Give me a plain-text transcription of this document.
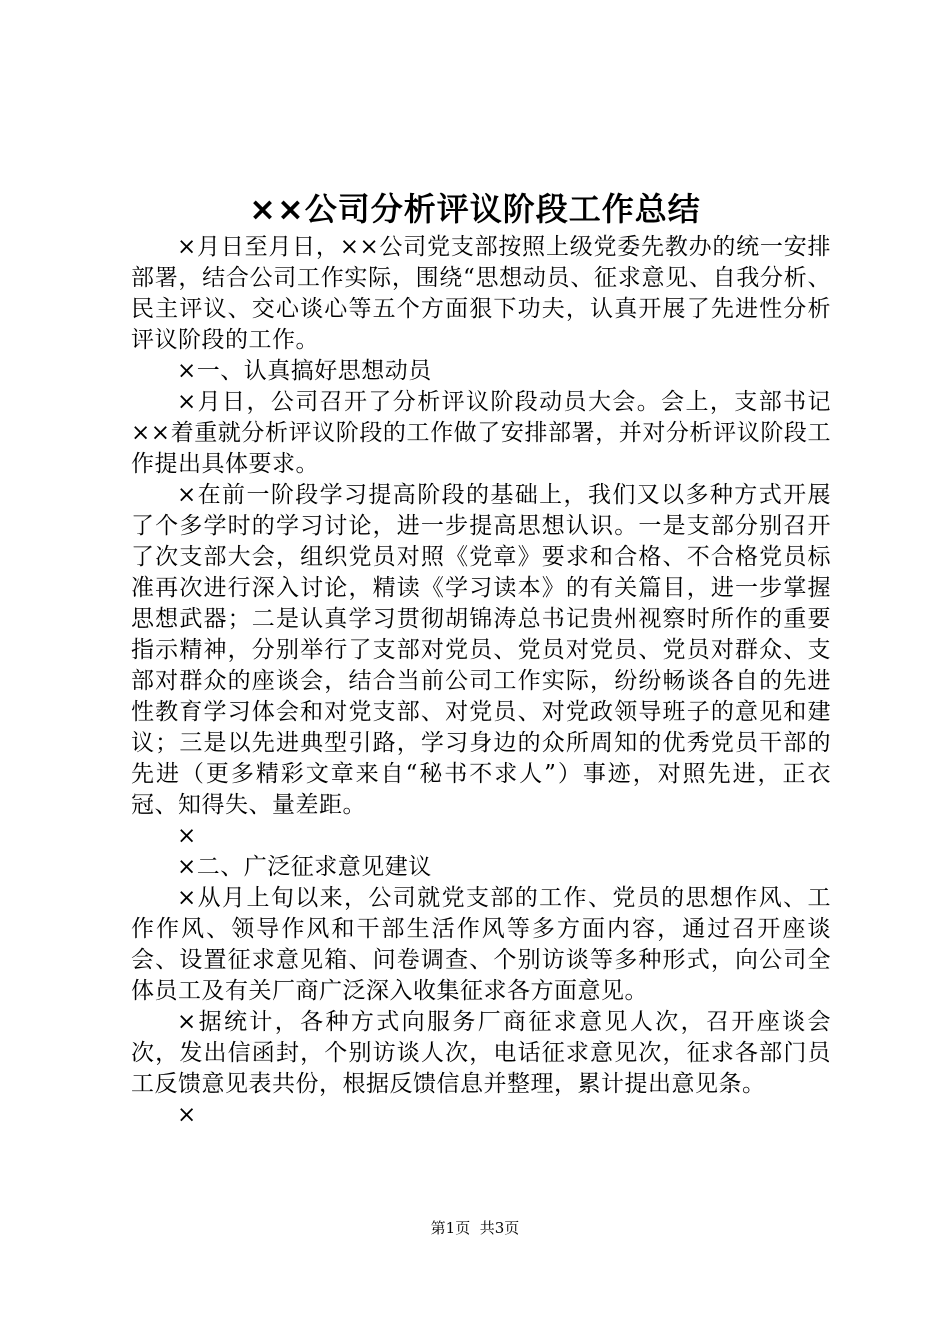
××公司分析评议阶段工作总结

×月日至月日，××公司党支部按照上级党委先教办的统一安排部署，结合公司工作实际，围绕“思想动员、征求意见、自我分析、民主评议、交心谈心等五个方面狠下功夫，认真开展了先进性分析评议阶段的工作。

×一、认真搞好思想动员

×月日，公司召开了分析评议阶段动员大会。会上，支部书记××着重就分析评议阶段的工作做了安排部署，并对分析评议阶段工作提出具体要求。

×在前一阶段学习提高阶段的基础上，我们又以多种方式开展了个多学时的学习讨论，进一步提高思想认识。一是支部分别召开了次支部大会，组织党员对照《党章》要求和合格、不合格党员标准再次进行深入讨论，精读《学习读本》的有关篇目，进一步掌握思想武器；二是认真学习贯彻胡锦涛总书记贵州视察时所作的重要指示精神，分别举行了支部对党员、党员对党员、党员对群众、支部对群众的座谈会，结合当前公司工作实际，纷纷畅谈各自的先进性教育学习体会和对党支部、对党员、对党政领导班子的意见和建议；三是以先进典型引路，学习身边的众所周知的优秀党员干部的先进（更多精彩文章来自“秘书不求人”）事迹，对照先进，正衣冠、知得失、量差距。

×

×二、广泛征求意见建议

×从月上旬以来，公司就党支部的工作、党员的思想作风、工作作风、领导作风和干部生活作风等多方面内容，通过召开座谈会、设置征求意见箱、问卷调查、个别访谈等多种形式，向公司全体员工及有关厂商广泛深入收集征求各方面意见。

×据统计，各种方式向服务厂商征求意见人次，召开座谈会次，发出信函封，个别访谈人次，电话征求意见次，征求各部门员工反馈意见表共份，根据反馈信息并整理，累计提出意见条。

×

第1页 共3页
